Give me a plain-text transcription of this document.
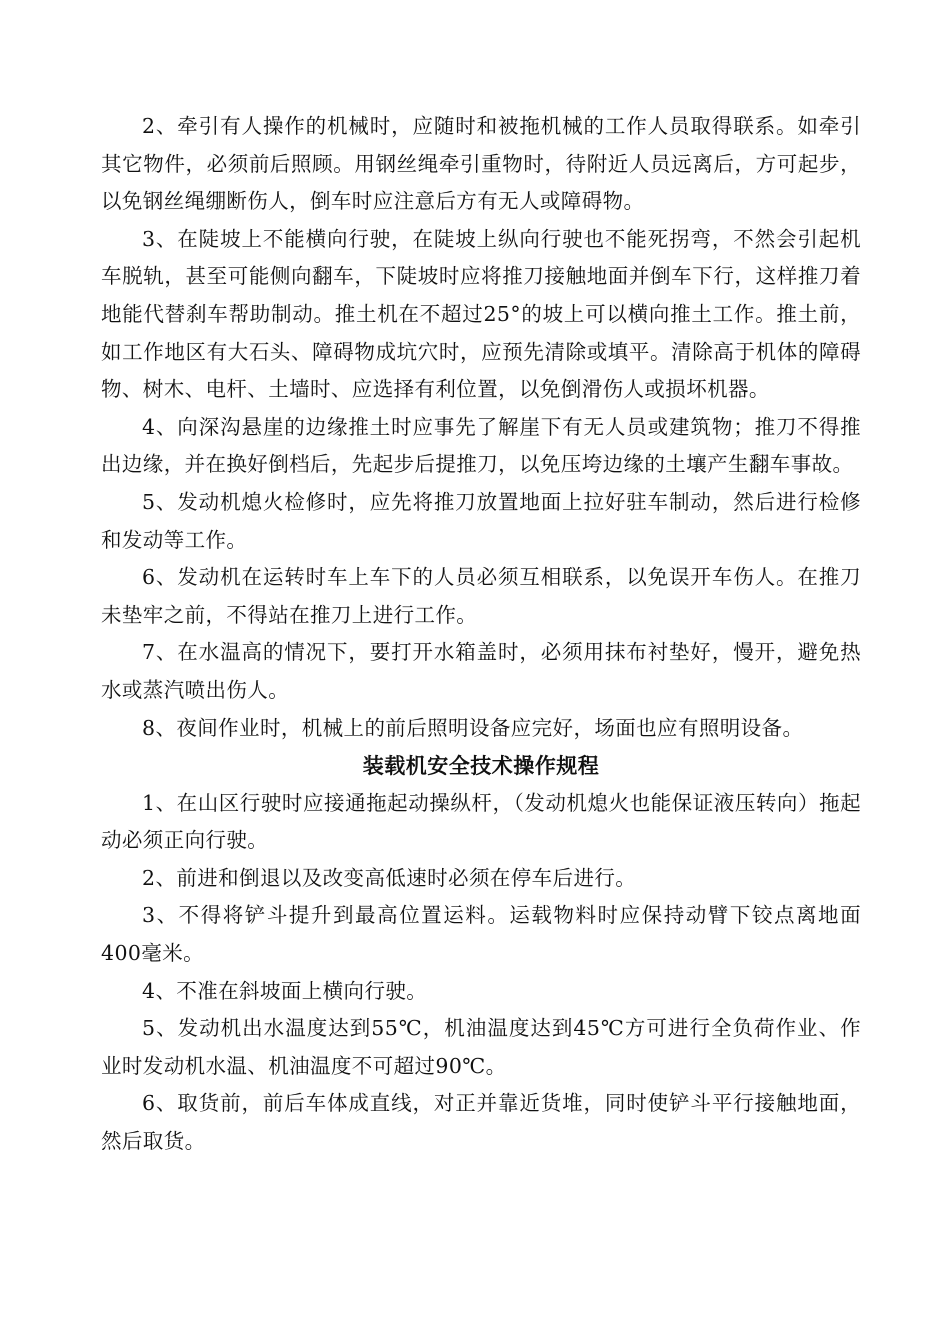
2、牵引有人操作的机械时，应随时和被拖机械的工作人员取得联系。如牵引其它物件，必须前后照顾。用钢丝绳牵引重物时，待附近人员远离后，方可起步，以免钢丝绳绷断伤人，倒车时应注意后方有无人或障碍物。

3、在陡坡上不能横向行驶，在陡坡上纵向行驶也不能死拐弯，不然会引起机车脱轨，甚至可能侧向翻车，下陡坡时应将推刀接触地面并倒车下行，这样推刀着地能代替刹车帮助制动。推土机在不超过25°的坡上可以横向推土工作。推土前，如工作地区有大石头、障碍物成坑穴时，应预先清除或填平。清除高于机体的障碍物、树木、电杆、土墙时、应选择有利位置，以免倒滑伤人或损坏机器。

4、向深沟悬崖的边缘推土时应事先了解崖下有无人员或建筑物；推刀不得推出边缘，并在换好倒档后，先起步后提推刀，以免压垮边缘的土壤产生翻车事故。

5、发动机熄火检修时，应先将推刀放置地面上拉好驻车制动，然后进行检修和发动等工作。

6、发动机在运转时车上车下的人员必须互相联系，以免误开车伤人。在推刀未垫牢之前，不得站在推刀上进行工作。

7、在水温高的情况下，要打开水箱盖时，必须用抹布衬垫好，慢开，避免热水或蒸汽喷出伤人。

8、夜间作业时，机械上的前后照明设备应完好，场面也应有照明设备。

装载机安全技术操作规程

1、在山区行驶时应接通拖起动操纵杆，（发动机熄火也能保证液压转向）拖起动必须正向行驶。

2、前进和倒退以及改变高低速时必须在停车后进行。

3、不得将铲斗提升到最高位置运料。运载物料时应保持动臂下铰点离地面400毫米。

4、不准在斜坡面上横向行驶。

5、发动机出水温度达到55℃，机油温度达到45℃方可进行全负荷作业、作业时发动机水温、机油温度不可超过90℃。

6、取货前，前后车体成直线，对正并靠近货堆，同时使铲斗平行接触地面，然后取货。
